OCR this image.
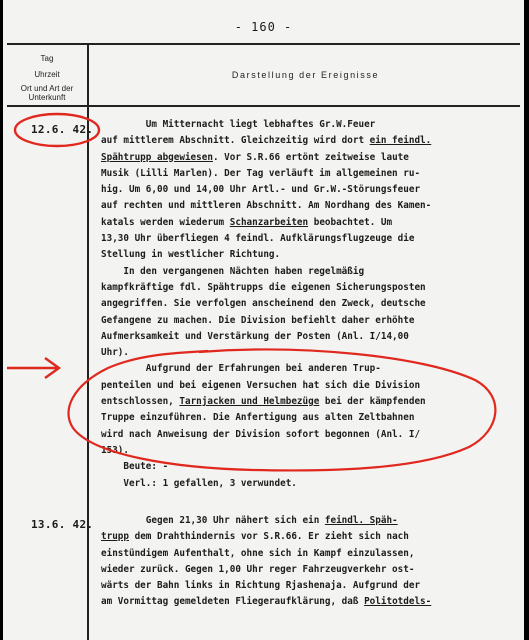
- 160 -
Tag
Uhrzeit
Ort und Art der Unterkunft
Darstellung der Ereignisse
12.6. 42. Um Mitternacht liegt lebhaftes Gr.W.Feuer
auf mittlerem Abschnitt. Gleichzeitig wird dort ein feindl.
Spähtrupp abgewiesen. Vor S.R.66 ertönt zeitweise laute
Musik (Lilli Marlen). Der Tag verläuft im allgemeinen ru-
hig. Um 6,00 und 14,00 Uhr Artl.- und Gr.W.-Störungsfeuer
auf rechten und mittleren Abschnitt. Am Nordhang des Kamen-
katals werden wiederum Schanzarbeiten beobachtet. Um
13,30 Uhr überfliegen 4 feindl. Aufklärungsflugzeuge die
Stellung in westlicher Richtung.
In den vergangenen Nächten haben regelmäßig
kampfkräftige fdl. Spähtrupps die eigenen Sicherungsposten
angegriffen. Sie verfolgen anscheinend den Zweck, deutsche
Gefangene zu machen. Die Division befiehlt daher erhöhte
Aufmerksamkeit und Verstärkung der Posten (Anl. I/14,00
Uhr).
Aufgrund der Erfahrungen bei anderen Trup-
penteilen und bei eigenen Versuchen hat sich die Division
entschlossen, Tarnjacken und Helmbezüge bei der kämpfenden
Truppe einzuführen. Die Anfertigung aus alten Zeltbahnen
wird nach Anweisung der Division sofort begonnen (Anl. I/
153).
Beute: -
Verl.: 1 gefallen, 3 verwundet.
13.6. 42. Gegen 21,30 Uhr nähert sich ein feindl. Späh-
trupp dem Drahthindernis vor S.R.66. Er zieht sich nach
einstündigem Aufenthalt, ohne sich in Kampf einzulassen,
wieder zurück. Gegen 1,00 Uhr reger Fahrzeugverkehr ost-
wärts der Bahn links in Richtung Rjashenaja. Aufgrund der
am Vormittag gemeldeten Fliegeraufklärung, daß Politotdels-
